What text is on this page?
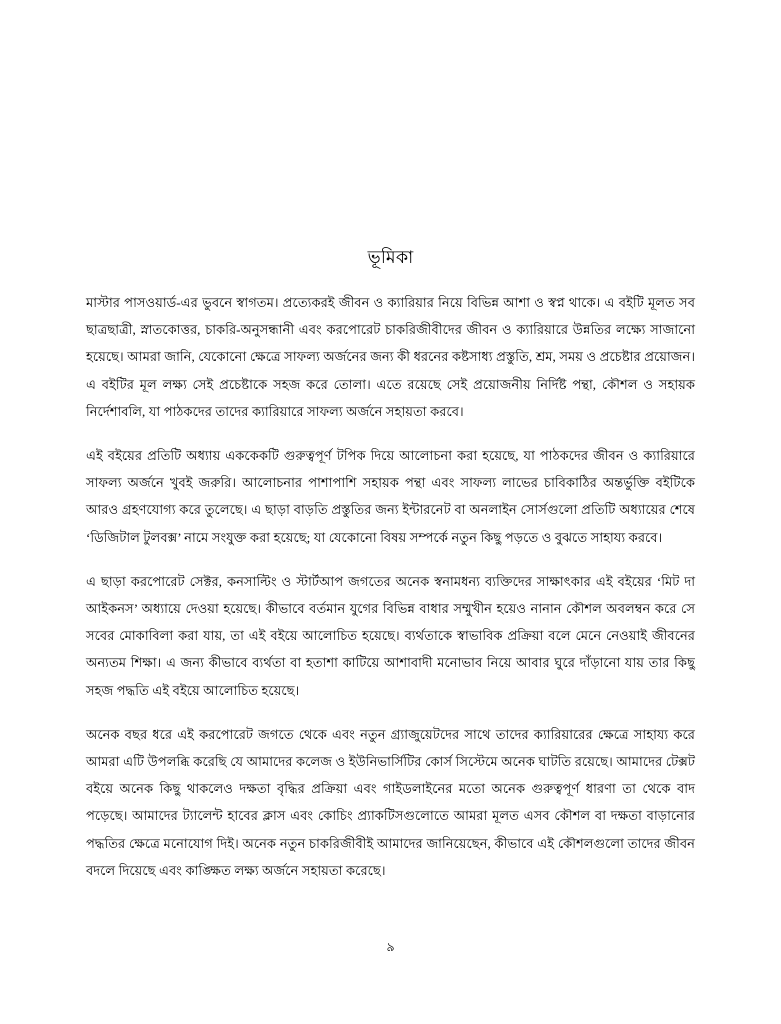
ভূমিকা

মাস্টার পাসওয়ার্ড-এর ভুবনে স্বাগতম। প্রত্যেকরই জীবন ও ক্যারিয়ার নিয়ে বিভিন্ন আশা ও স্বপ্ন থাকে। এ বইটি মূলত সব ছাত্রছাত্রী, স্নাতকোত্তর, চাকরি-অনুসন্ধানী এবং করপোরেট চাকরিজীবীদের জীবন ও ক্যারিয়ারে উন্নতির লক্ষ্যে সাজানো হয়েছে। আমরা জানি, যেকোনো ক্ষেত্রে সাফল্য অর্জনের জন্য কী ধরনের কষ্টসাধ্য প্রস্তুতি, শ্রম, সময় ও প্রচেষ্টার প্রয়োজন। এ বইটির মূল লক্ষ্য সেই প্রচেষ্টাকে সহজ করে তোলা। এতে রয়েছে সেই প্রয়োজনীয় নির্দিষ্ট পন্থা, কৌশল ও সহায়ক নির্দেশাবলি, যা পাঠকদের তাদের ক্যারিয়ারে সাফল্য অর্জনে সহায়তা করবে।

এই বইয়ের প্রতিটি অধ্যায় এককেকটি গুরুত্বপূর্ণ টপিক দিয়ে আলোচনা করা হয়েছে, যা পাঠকদের জীবন ও ক্যারিয়ারে সাফল্য অর্জনে খুবই জরুরি। আলোচনার পাশাপাশি সহায়ক পন্থা এবং সাফল্য লাভের চাবিকাঠির অন্তর্ভুক্তি বইটিকে আরও গ্রহণযোগ্য করে তুলেছে। এ ছাড়া বাড়তি প্রস্তুতির জন্য ইন্টারনেট বা অনলাইন সোর্সগুলো প্রতিটি অধ্যায়ের শেষে ‘ডিজিটাল টুলবক্স’ নামে সংযুক্ত করা হয়েছে; যা যেকোনো বিষয় সম্পর্কে নতুন কিছু পড়তে ও বুঝতে সাহায্য করবে।

এ ছাড়া করপোরেট সেক্টর, কনসাল্টিং ও স্টার্টআপ জগতের অনেক স্বনামধন্য ব্যক্তিদের সাক্ষাৎকার এই বইয়ের ‘মিট দা আইকনস’ অধ্যায়ে দেওয়া হয়েছে। কীভাবে বর্তমান যুগের বিভিন্ন বাধার সম্মুখীন হয়েও নানান কৌশল অবলম্বন করে সে সবের মোকাবিলা করা যায়, তা এই বইয়ে আলোচিত হয়েছে। ব্যর্থতাকে স্বাভাবিক প্রক্রিয়া বলে মেনে নেওয়াই জীবনের অন্যতম শিক্ষা। এ জন্য কীভাবে ব্যর্থতা বা হতাশা কাটিয়ে আশাবাদী মনোভাব নিয়ে আবার ঘুরে দাঁড়ানো যায় তার কিছু সহজ পদ্ধতি এই বইয়ে আলোচিত হয়েছে।

অনেক বছর ধরে এই করপোরেট জগতে থেকে এবং নতুন গ্র্যাজুয়েটদের সাথে তাদের ক্যারিয়ারের ক্ষেত্রে সাহায্য করে আমরা এটি উপলব্ধি করেছি যে আমাদের কলেজ ও ইউনিভার্সিটির কোর্স সিস্টেমে অনেক ঘাটতি রয়েছে। আমাদের টেক্সট বইয়ে অনেক কিছু থাকলেও দক্ষতা বৃদ্ধির প্রক্রিয়া এবং গাইডলাইনের মতো অনেক গুরুত্বপূর্ণ ধারণা তা থেকে বাদ পড়েছে। আমাদের ট্যালেন্ট হাবের ক্লাস এবং কোচিং প্র্যাকটিসগুলোতে আমরা মূলত এসব কৌশল বা দক্ষতা বাড়ানোর পদ্ধতির ক্ষেত্রে মনোযোগ দিই। অনেক নতুন চাকরিজীবীই আমাদের জানিয়েছেন, কীভাবে এই কৌশলগুলো তাদের জীবন বদলে দিয়েছে এবং কাঙ্ক্ষিত লক্ষ্য অর্জনে সহায়তা করেছে।

৯
